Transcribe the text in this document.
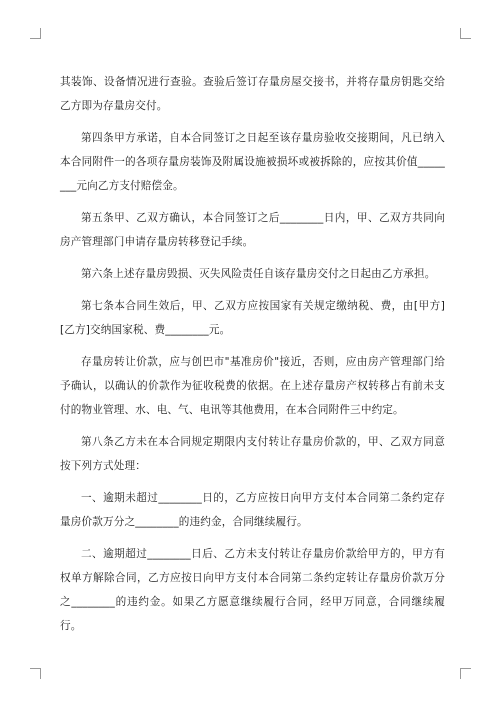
其装饰、设备情况进行查验。查验后签订存量房屋交接书，并将存量房钥匙交给乙方即为存量房交付。

第四条甲方承诺，自本合同签订之日起至该存量房验收交接期间，凡已纳入本合同附件一的各项存量房装饰及附属设施被损坏或被拆除的，应按其价值________元向乙方支付赔偿金。

第五条甲、乙双方确认，本合同签订之后________日内，甲、乙双方共同向房产管理部门申请存量房转移登记手续。

第六条上述存量房毁损、灭失风险责任自该存量房交付之日起由乙方承担。

第七条本合同生效后，甲、乙双方应按国家有关规定缴纳税、费，由[甲方][乙方]交纳国家税、费________元。

存量房转让价款，应与创巴市"基准房价"接近，否则，应由房产管理部门给予确认，以确认的价款作为征收税费的依据。在上述存量房产权转移占有前未支付的物业管理、水、电、气、电讯等其他费用，在本合同附件三中约定。

第八条乙方未在本合同规定期限内支付转让存量房价款的，甲、乙双方同意按下列方式处理：

一、逾期未超过________日的，乙方应按日向甲方支付本合同第二条约定存量房价款万分之________的违约金，合同继续履行。

二、逾期超过________日后、乙方未支付转让存量房价款给甲方的，甲方有权单方解除合同，乙方应按日向甲方支付本合同第二条约定转让存量房价款万分之________的违约金。如果乙方愿意继续履行合同，经甲万同意，合同继续履行。
